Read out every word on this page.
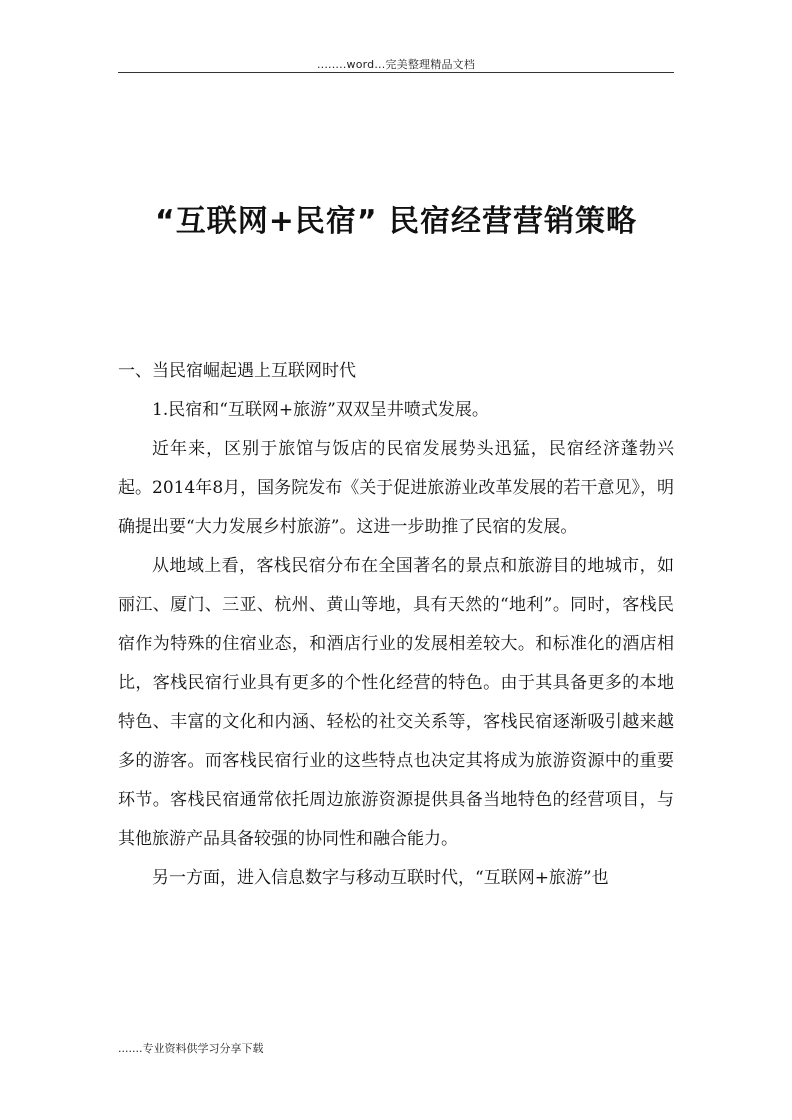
........word...完美整理精品文档
“互联网+民宿” 民宿经营营销策略

一、当民宿崛起遇上互联网时代

1.民宿和“互联网+旅游”双双呈井喷式发展。

近年来，区别于旅馆与饭店的民宿发展势头迅猛，民宿经济蓬勃兴起。2014年8月，国务院发布《关于促进旅游业改革发展的若干意见》，明确提出要“大力发展乡村旅游”。这进一步助推了民宿的发展。

从地域上看，客栈民宿分布在全国著名的景点和旅游目的地城市，如丽江、厦门、三亚、杭州、黄山等地，具有天然的“地利”。同时，客栈民宿作为特殊的住宿业态，和酒店行业的发展相差较大。和标准化的酒店相比，客栈民宿行业具有更多的个性化经营的特色。由于其具备更多的本地特色、丰富的文化和内涵、轻松的社交关系等，客栈民宿逐渐吸引越来越多的游客。而客栈民宿行业的这些特点也决定其将成为旅游资源中的重要环节。客栈民宿通常依托周边旅游资源提供具备当地特色的经营项目，与其他旅游产品具备较强的协同性和融合能力。

另一方面，进入信息数字与移动互联时代，“互联网+旅游”也

.......专业资料供学习分享下载
